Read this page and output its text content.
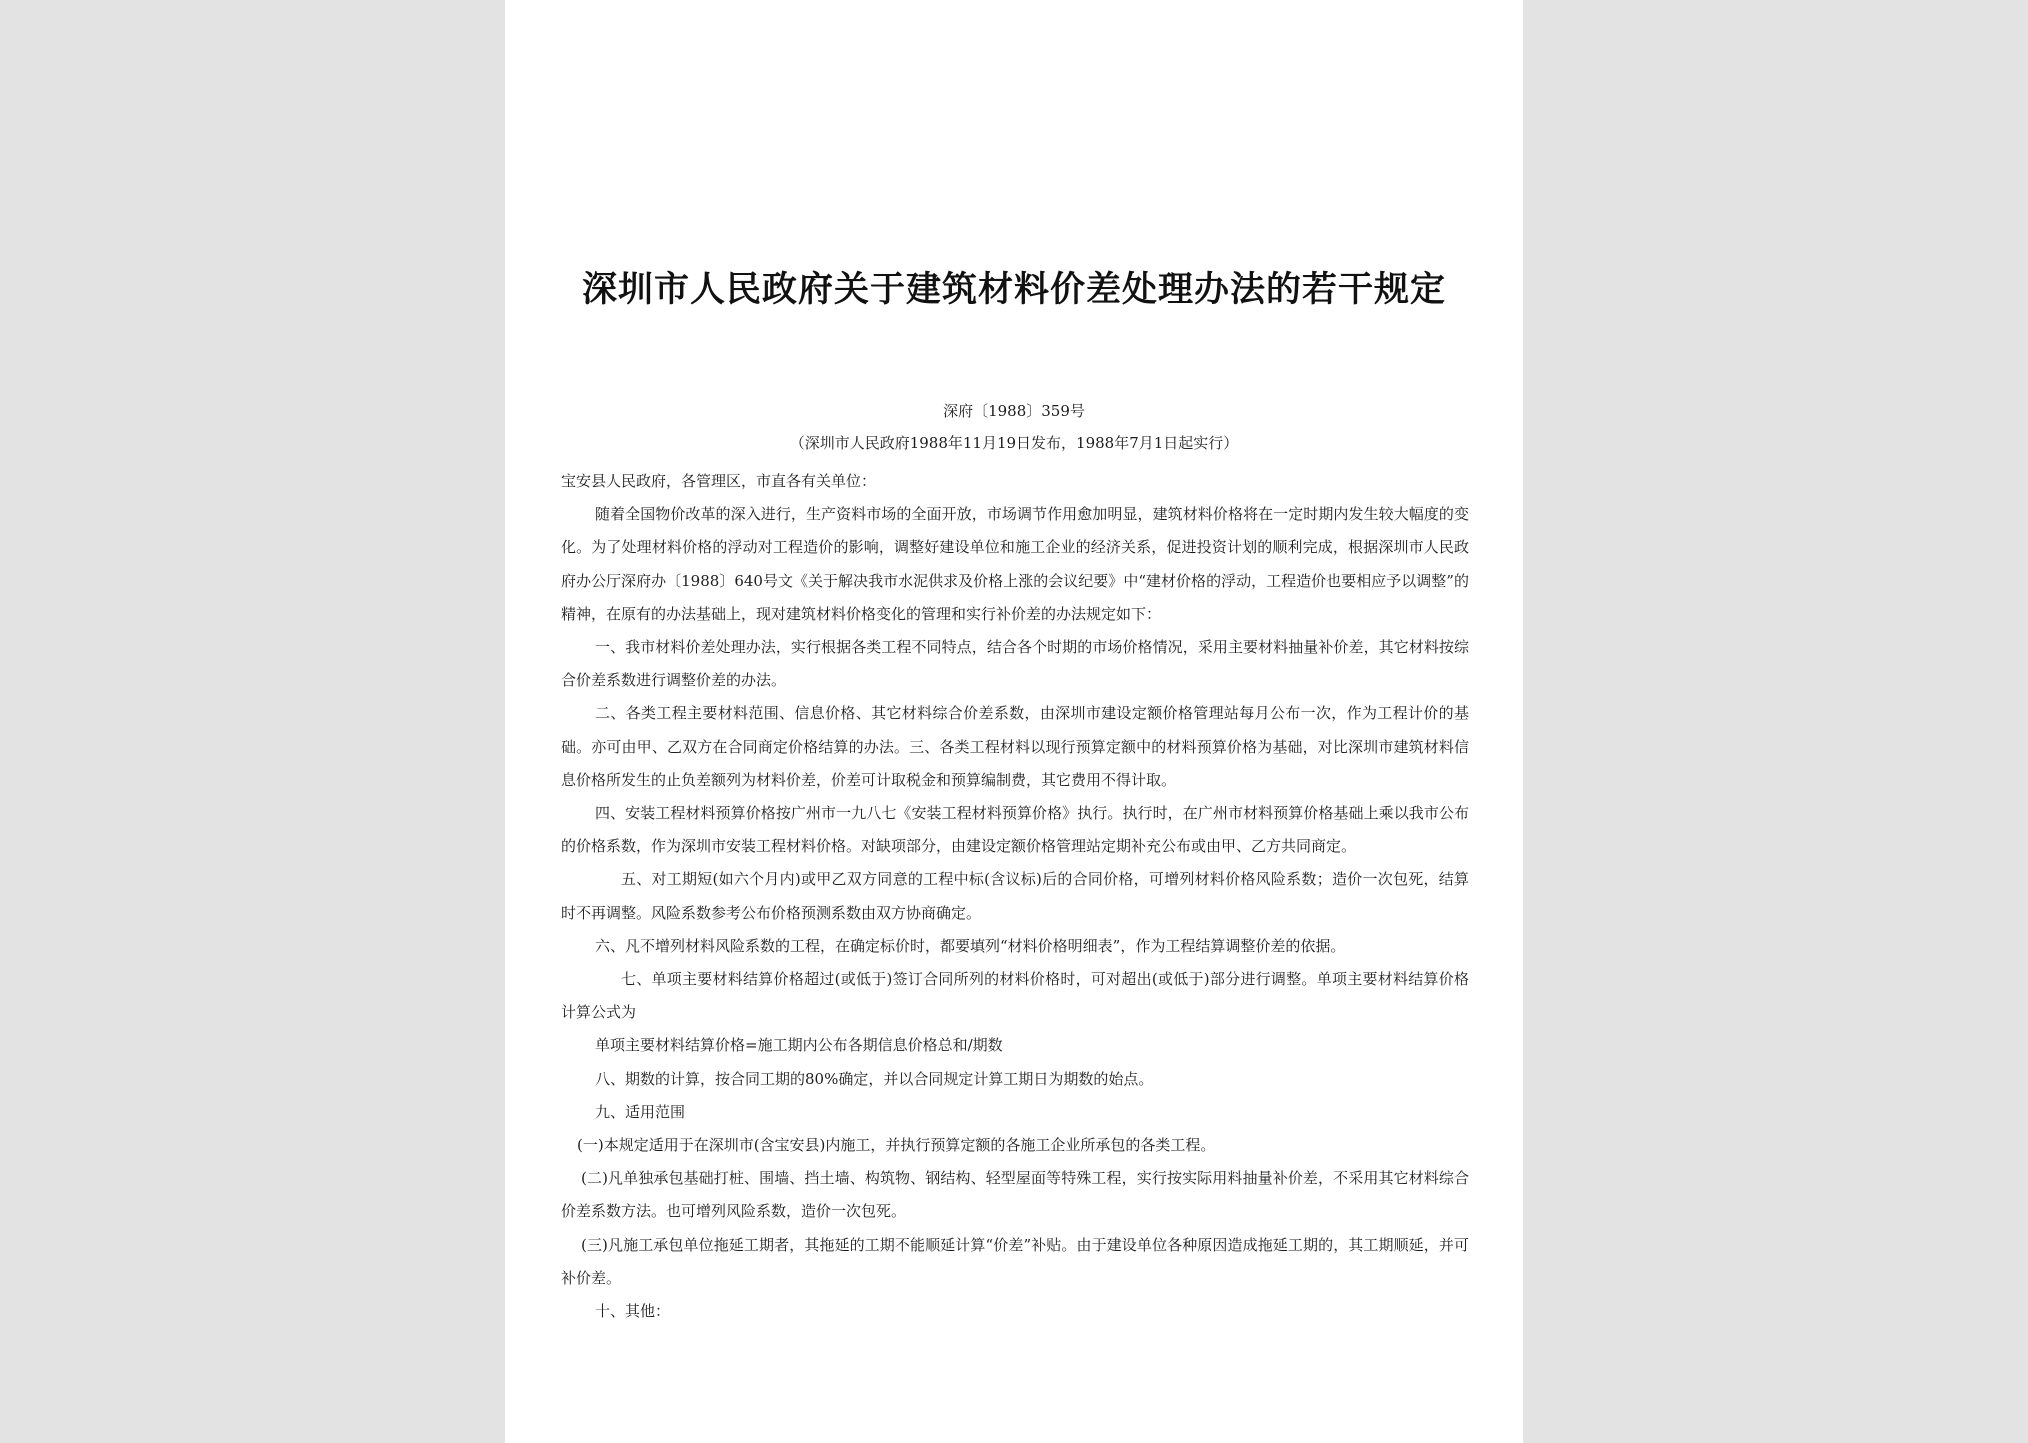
深圳市人民政府关于建筑材料价差处理办法的若干规定
深府〔1988〕359号
（深圳市人民政府1988年11月19日发布，1988年7月1日起实行）

宝安县人民政府，各管理区，市直各有关单位：

随着全国物价改革的深入进行，生产资料市场的全面开放，市场调节作用愈加明显，建筑材料价格将在一定时期内发生较大幅度的变化。为了处理材料价格的浮动对工程造价的影响，调整好建设单位和施工企业的经济关系，促进投资计划的顺利完成，根据深圳市人民政府办公厅深府办〔1988〕640号文《关于解决我市水泥供求及价格上涨的会议纪要》中“建材价格的浮动，工程造价也要相应予以调整”的精神，在原有的办法基础上，现对建筑材料价格变化的管理和实行补价差的办法规定如下：

一、我市材料价差处理办法，实行根据各类工程不同特点，结合各个时期的市场价格情况，采用主要材料抽量补价差，其它材料按综合价差系数进行调整价差的办法。

二、各类工程主要材料范围、信息价格、其它材料综合价差系数，由深圳市建设定额价格管理站每月公布一次，作为工程计价的基础。亦可由甲、乙双方在合同商定价格结算的办法。三、各类工程材料以现行预算定额中的材料预算价格为基础，对比深圳市建筑材料信息价格所发生的止负差额列为材料价差，价差可计取税金和预算编制费，其它费用不得计取。

四、安装工程材料预算价格按广州市一九八七《安装工程材料预算价格》执行。执行时，在广州市材料预算价格基础上乘以我市公布的价格系数，作为深圳市安装工程材料价格。对缺项部分，由建设定额价格管理站定期补充公布或由甲、乙方共同商定。

五、对工期短(如六个月内)或甲乙双方同意的工程中标(含议标)后的合同价格，可增列材料价格风险系数；造价一次包死，结算时不再调整。风险系数参考公布价格预测系数由双方协商确定。

六、凡不增列材料风险系数的工程，在确定标价时，都要填列“材料价格明细表”，作为工程结算调整价差的依据。

七、单项主要材料结算价格超过(或低于)签订合同所列的材料价格时，可对超出(或低于)部分进行调整。单项主要材料结算价格计算公式为

单项主要材料结算价格=施工期内公布各期信息价格总和/期数

八、期数的计算，按合同工期的80%确定，并以合同规定计算工期日为期数的始点。

九、适用范围

(一)本规定适用于在深圳市(含宝安县)内施工，并执行预算定额的各施工企业所承包的各类工程。

(二)凡单独承包基础打桩、围墙、挡土墙、构筑物、钢结构、轻型屋面等特殊工程，实行按实际用料抽量补价差，不采用其它材料综合价差系数方法。也可增列风险系数，造价一次包死。

(三)凡施工承包单位拖延工期者，其拖延的工期不能顺延计算“价差”补贴。由于建设单位各种原因造成拖延工期的，其工期顺延，并可补价差。

十、其他：
